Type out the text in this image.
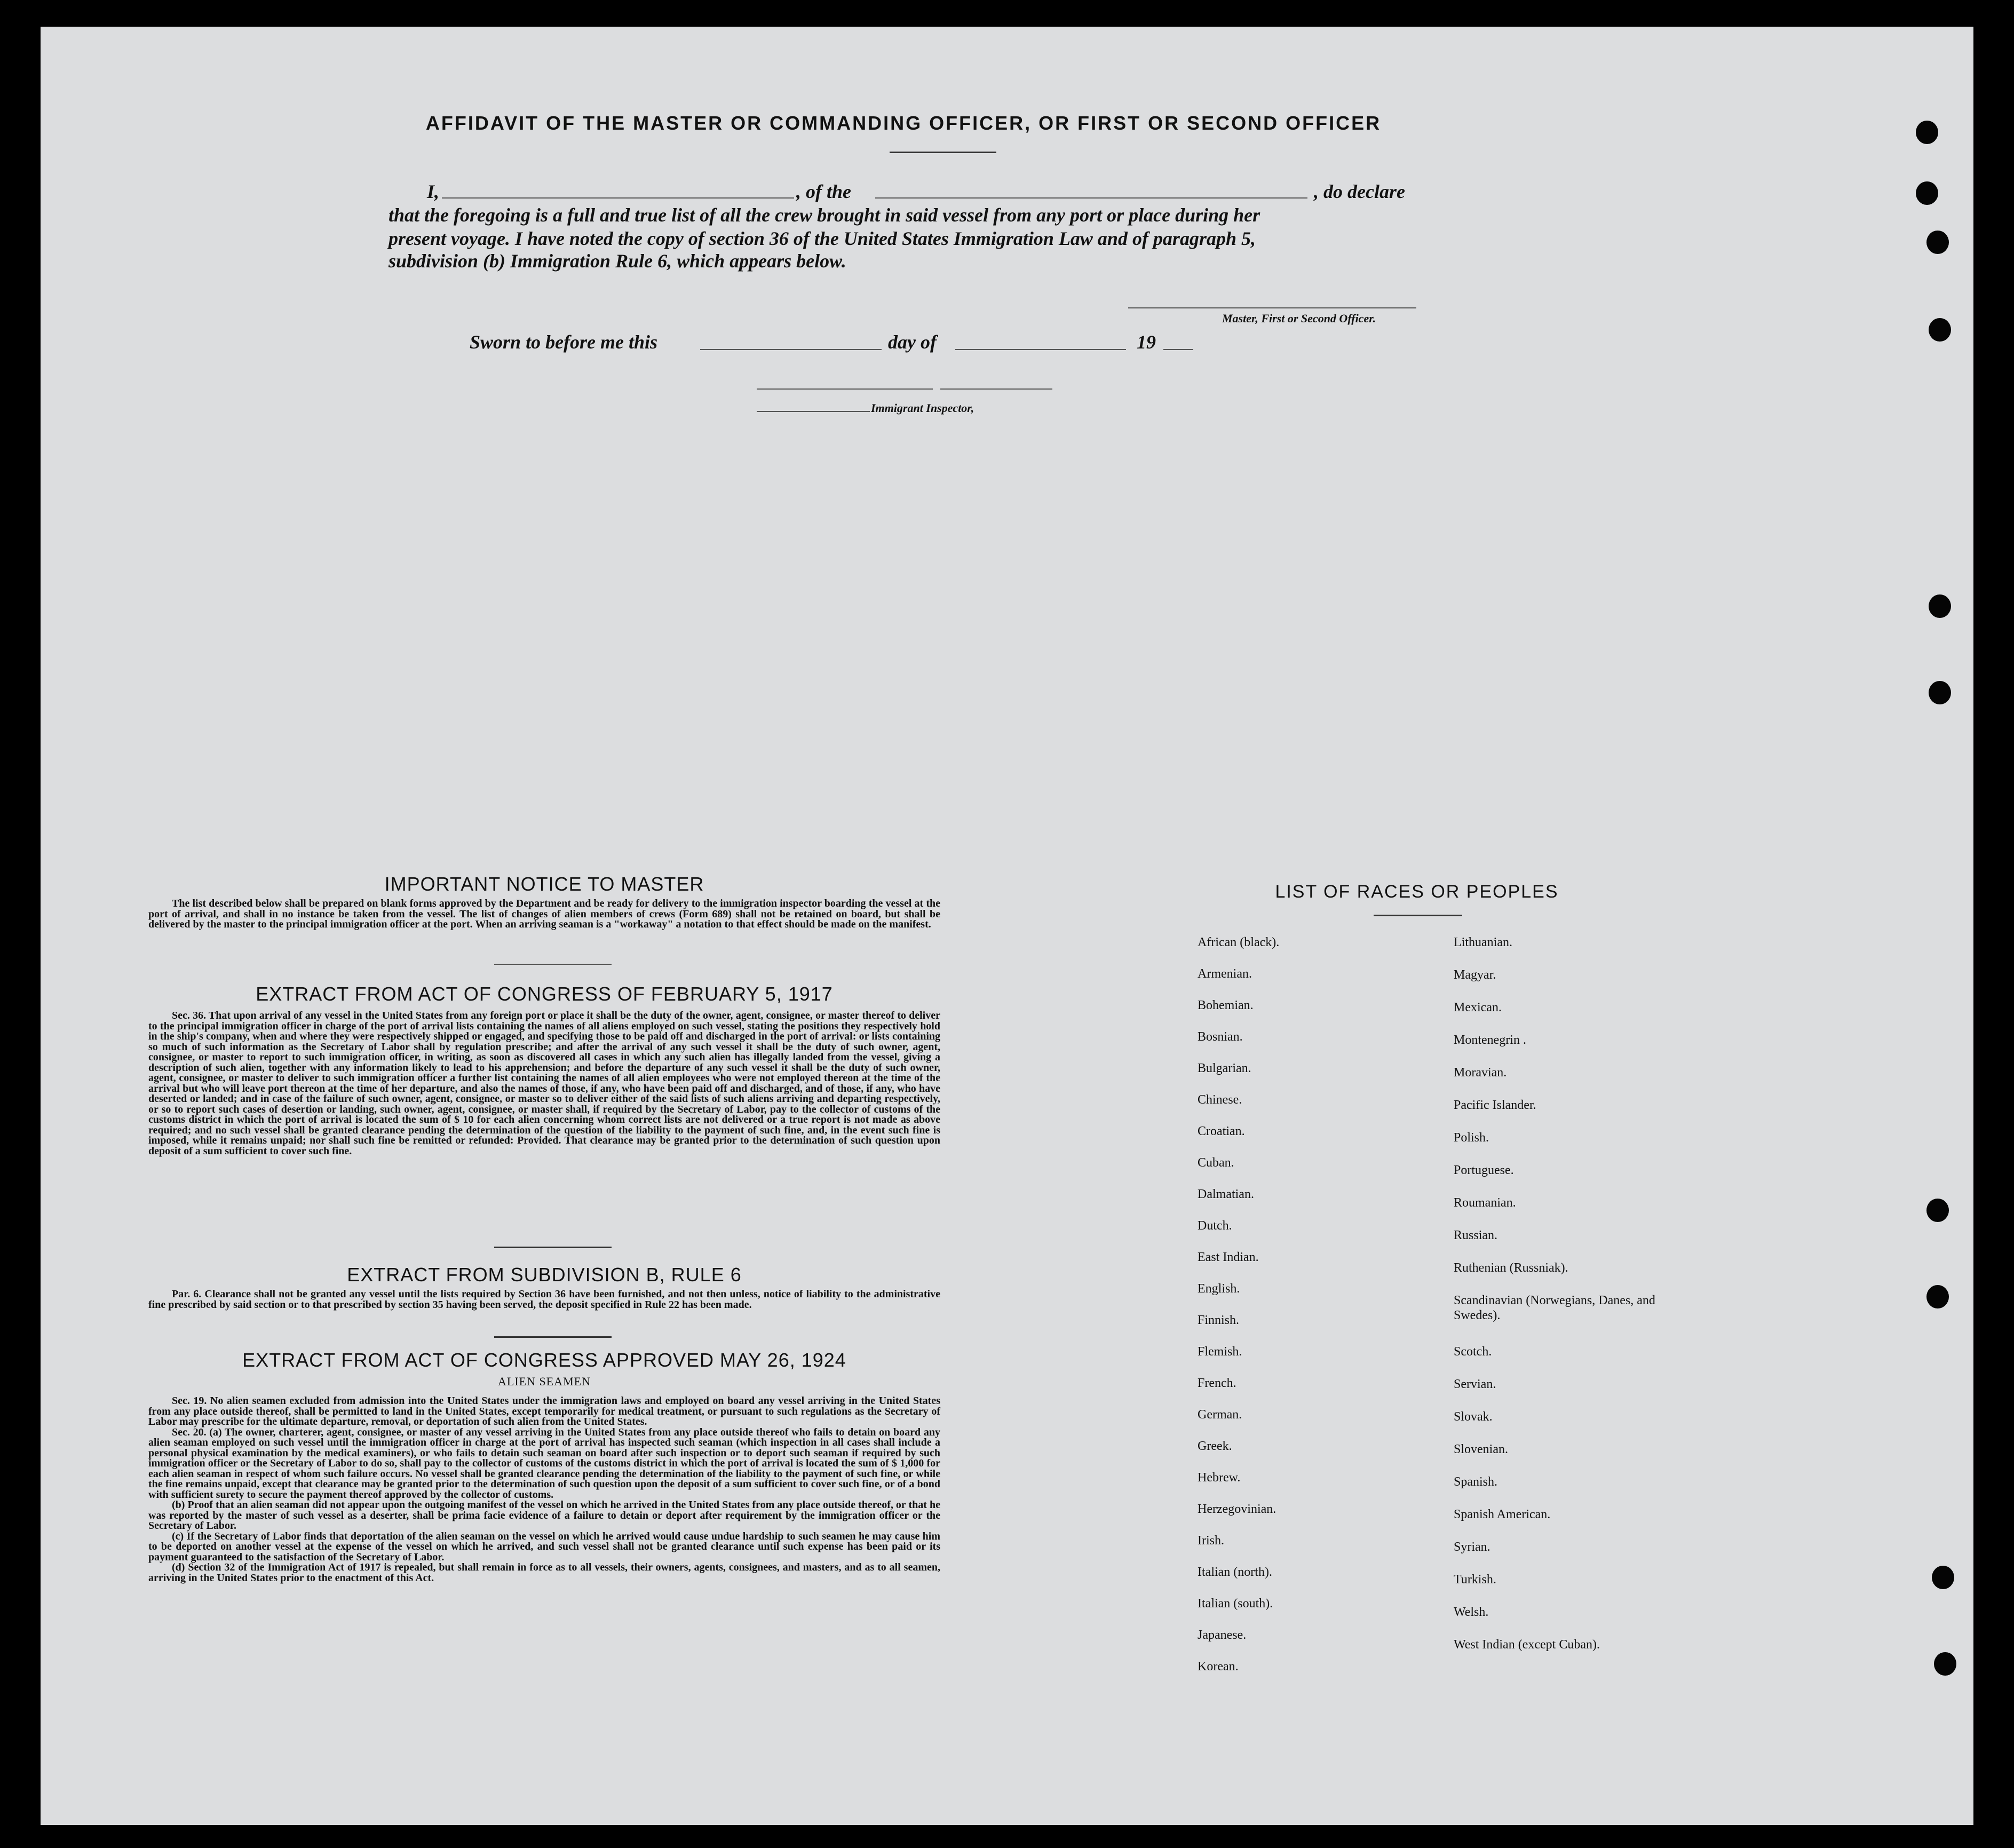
AFFIDAVIT OF THE MASTER OR COMMANDING OFFICER, OR FIRST OR SECOND OFFICER
I,	, of the	, do declare
that the foregoing is a full and true list of all the crew brought in said vessel from any port or place during her
present voyage. I have noted the copy of section 36 of the United States Immigration Law and of paragraph 5,
subdivision (b) Immigration Rule 6, which appears below.
Master, First or Second Officer.
Sworn to before me this	day of	19
Immigrant Inspector,
IMPORTANT NOTICE TO MASTER

The list described below shall be prepared on blank forms approved by the Department and be ready for delivery to the immigration inspector boarding the vessel at the port of arrival, and shall in no instance be taken from the vessel. The list of changes of alien members of crews (Form 689) shall not be retained on board, but shall be delivered by the master to the principal immigration officer at the port. When an arriving seaman is a "workaway" a notation to that effect should be made on the manifest.

EXTRACT FROM ACT OF CONGRESS OF FEBRUARY 5, 1917

Sec. 36. That upon arrival of any vessel in the United States from any foreign port or place it shall be the duty of the owner, agent, consignee, or master thereof to deliver to the principal immigration officer in charge of the port of arrival lists containing the names of all aliens employed on such vessel, stating the positions they respectively hold in the ship's company, when and where they were respectively shipped or engaged, and specifying those to be paid off and discharged in the port of arrival: or lists containing so much of such information as the Secretary of Labor shall by regulation prescribe; and after the arrival of any such vessel it shall be the duty of such owner, agent, consignee, or master to report to such immigration officer, in writing, as soon as discovered all cases in which any such alien has illegally landed from the vessel, giving a description of such alien, together with any information likely to lead to his apprehension; and before the departure of any such vessel it shall be the duty of such owner, agent, consignee, or master to deliver to such immigration officer a further list containing the names of all alien employees who were not employed thereon at the time of the arrival but who will leave port thereon at the time of her departure, and also the names of those, if any, who have been paid off and discharged, and of those, if any, who have deserted or landed; and in case of the failure of such owner, agent, consignee, or master so to deliver either of the said lists of such aliens arriving and departing respectively, or so to report such cases of desertion or landing, such owner, agent, consignee, or master shall, if required by the Secretary of Labor, pay to the collector of customs of the customs district in which the port of arrival is located the sum of $ 10 for each alien concerning whom correct lists are not delivered or a true report is not made as above required; and no such vessel shall be granted clearance pending the determination of the question of the liability to the payment of such fine, and, in the event such fine is imposed, while it remains unpaid; nor shall such fine be remitted or refunded: Provided. That clearance may be granted prior to the determination of such question upon deposit of a sum sufficient to cover such fine.

EXTRACT FROM SUBDIVISION B, RULE 6

Par. 6. Clearance shall not be granted any vessel until the lists required by Section 36 have been furnished, and not then unless, notice of liability to the administrative fine prescribed by said section or to that prescribed by section 35 having been served, the deposit specified in Rule 22 has been made.

EXTRACT FROM ACT OF CONGRESS APPROVED MAY 26, 1924
ALIEN SEAMEN

Sec. 19. No alien seamen excluded from admission into the United States under the immigration laws and employed on board any vessel arriving in the United States from any place outside thereof, shall be permitted to land in the United States, except temporarily for medical treatment, or pursuant to such regulations as the Secretary of Labor may prescribe for the ultimate departure, removal, or deportation of such alien from the United States.

Sec. 20. (a) The owner, charterer, agent, consignee, or master of any vessel arriving in the United States from any place outside thereof who fails to detain on board any alien seaman employed on such vessel until the immigration officer in charge at the port of arrival has inspected such seaman (which inspection in all cases shall include a personal physical examination by the medical examiners), or who fails to detain such seaman on board after such inspection or to deport such seaman if required by such immigration officer or the Secretary of Labor to do so, shall pay to the collector of customs of the customs district in which the port of arrival is located the sum of $ 1,000 for each alien seaman in respect of whom such failure occurs. No vessel shall be granted clearance pending the determination of the liability to the payment of such fine, or while the fine remains unpaid, except that clearance may be granted prior to the determination of such question upon the deposit of a sum sufficient to cover such fine, or of a bond with sufficient surety to secure the payment thereof approved by the collector of customs.

(b) Proof that an alien seaman did not appear upon the outgoing manifest of the vessel on which he arrived in the United States from any place outside thereof, or that he was reported by the master of such vessel as a deserter, shall be prima facie evidence of a failure to detain or deport after requirement by the immigration officer or the Secretary of Labor.

(c) If the Secretary of Labor finds that deportation of the alien seaman on the vessel on which he arrived would cause undue hardship to such seamen he may cause him to be deported on another vessel at the expense of the vessel on which he arrived, and such vessel shall not be granted clearance until such expense has been paid or its payment guaranteed to the satisfaction of the Secretary of Labor.

(d) Section 32 of the Immigration Act of 1917 is repealed, but shall remain in force as to all vessels, their owners, agents, consignees, and masters, and as to all seamen, arriving in the United States prior to the enactment of this Act.

LIST OF RACES OR PEOPLES
African (black).
Armenian.
Bohemian.
Bosnian.
Bulgarian.
Chinese.
Croatian.
Cuban.
Dalmatian.
Dutch.
East Indian.
English.
Finnish.
Flemish.
French.
German.
Greek.
Hebrew.
Herzegovinian.
Irish.
Italian (north).
Italian (south).
Japanese.
Korean.
Lithuanian.
Magyar.
Mexican.
Montenegrin .
Moravian.
Pacific Islander.
Polish.
Portuguese.
Roumanian.
Russian.
Ruthenian (Russniak).
Scandinavian (Norwegians, Danes, and Swedes).
Scotch.
Servian.
Slovak.
Slovenian.
Spanish.
Spanish American.
Syrian.
Turkish.
Welsh.
West Indian (except Cuban).
